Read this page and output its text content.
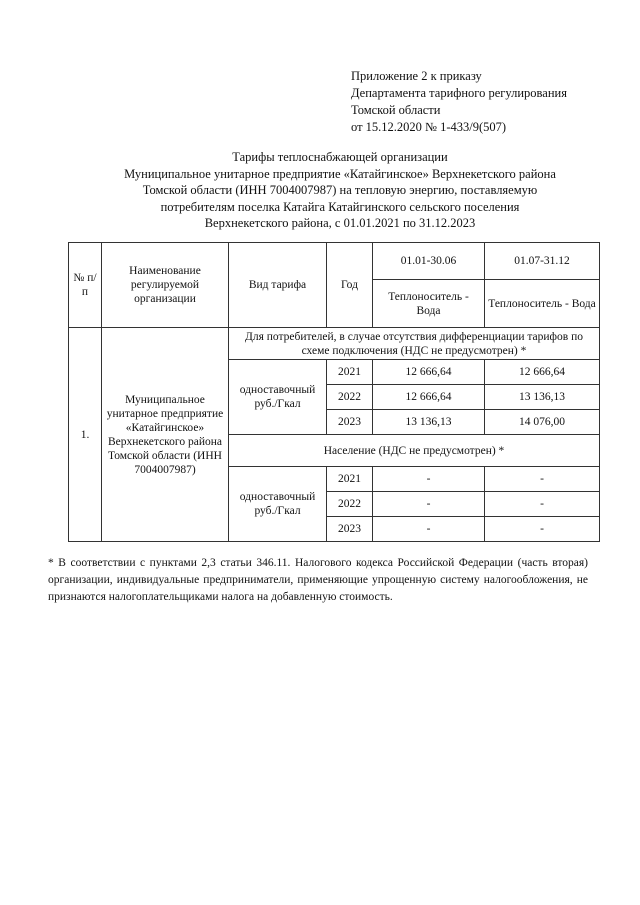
Приложение 2 к приказу
Департамента тарифного регулирования
Томской области
от 15.12.2020 № 1-433/9(507)
Тарифы теплоснабжающей организации
Муниципальное унитарное предприятие «Катайгинское» Верхнекетского района
Томской области (ИНН 7004007987) на тепловую энергию, поставляемую
потребителям поселка Катайга Катайгинского сельского поселения
Верхнекетского района, с 01.01.2021 по 31.12.2023
№ п/п	Наименование регулируемой организации	Вид тарифа	Год	01.01-30.06	01.07-31.12
				Теплоноситель - Вода	Теплоноситель - Вода
1.	Муниципальное унитарное предприятие «Катайгинское» Верхнекетского района Томской области (ИНН 7004007987)	Для потребителей, в случае отсутствия дифференциации тарифов по схеме подключения (НДС не предусмотрен) *			
		одноставочный руб./Гкал	2021	12 666,64	12 666,64
			2022	12 666,64	13 136,13
			2023	13 136,13	14 076,00
		Население (НДС не предусмотрен) *			
		одноставочный руб./Гкал	2021	-	-
			2022	-	-
			2023	-	-
* В соответствии с пунктами 2,3 статьи 346.11. Налогового кодекса Российской Федерации (часть вторая) организации, индивидуальные предприниматели, применяющие упрощенную систему налогообложения, не признаются налогоплательщиками налога на добавленную стоимость.
